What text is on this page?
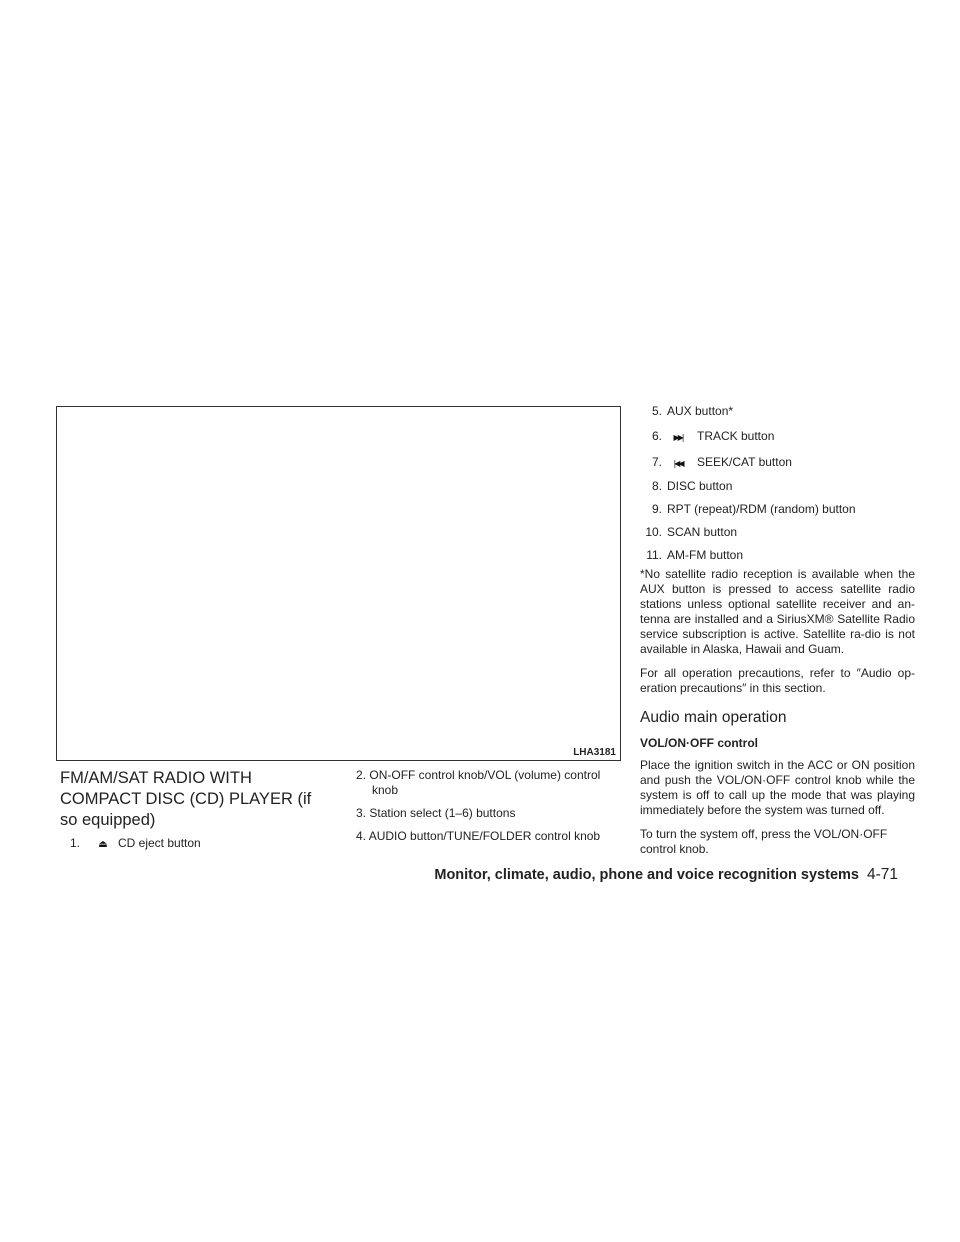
LHA3181
FM/AM/SAT RADIO WITH COMPACT DISC (CD) PLAYER (if so equipped)
1. ⏏ CD eject button
2. ON-OFF control knob/VOL (volume) control knob
3. Station select (1–6) buttons
4. AUDIO button/TUNE/FOLDER control knob
5. AUX button*
6.	▶▶| TRACK button
7.	|◀◀ SEEK/CAT button
8. DISC button
9. RPT (repeat)/RDM (random) button
10. SCAN button
11. AM-FM button

*No satellite radio reception is available when the AUX button is pressed to access satellite radio stations unless optional satellite receiver and an-tenna are installed and a SiriusXM® Satellite Radio service subscription is active. Satellite ra-dio is not available in Alaska, Hawaii and Guam.

For all operation precautions, refer to ″Audio op-eration precautions″ in this section.

Audio main operation

VOL/ON·OFF control

Place the ignition switch in the ACC or ON position and push the VOL/ON·OFF control knob while the system is off to call up the mode that was playing immediately before the system was turned off.

To turn the system off, press the VOL/ON·OFF control knob.

Monitor, climate, audio, phone and voice recognition systems 4-71
